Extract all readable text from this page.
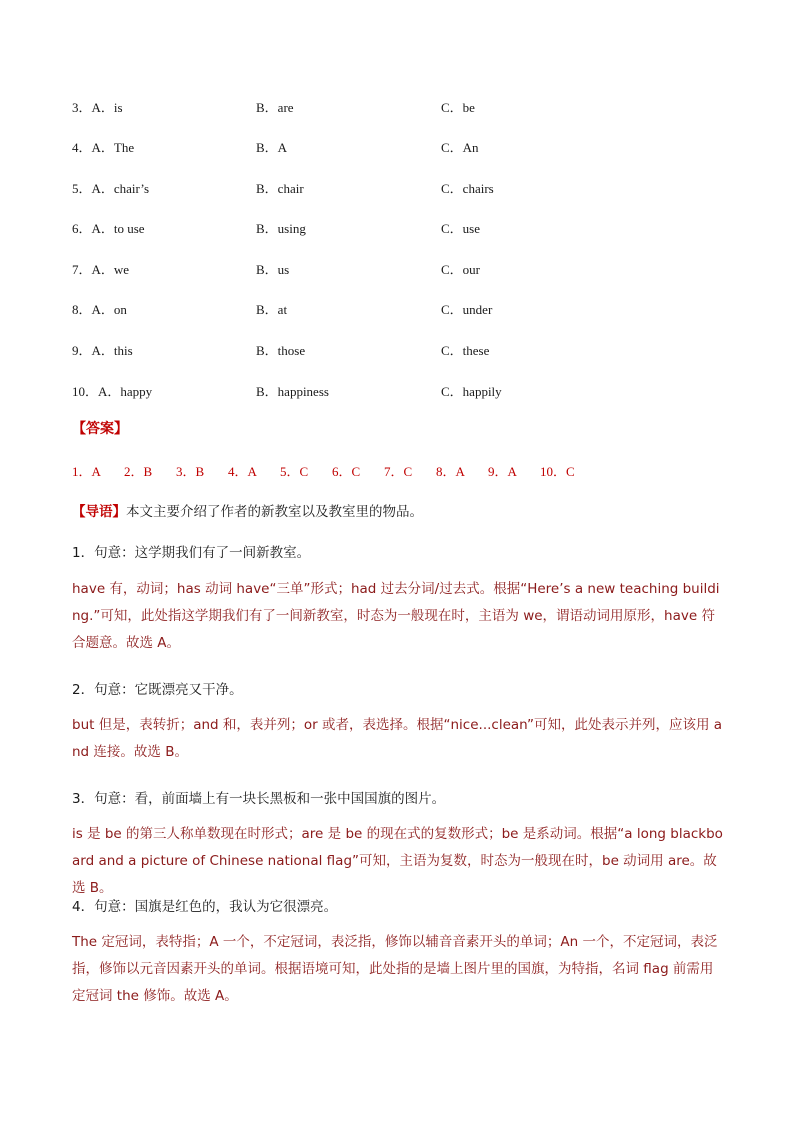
3．A．is	B．are	C．be
4．A．The	B．A	C．An
5．A．chair’s	B．chair	C．chairs
6．A．to use	B．using	C．use
7．A．we	B．us	C．our
8．A．on	B．at	C．under
9．A．this	B．those	C．these
10．A．happy	B．happiness	C．happily
【答案】
1．A 2．B 3．B 4．A 5．C 6．C 7．C 8．A 9．A 10．C
【导语】本文主要介绍了作者的新教室以及教室里的物品。
1．句意：这学期我们有了一间新教室。
have 有，动词；has 动词 have“三单”形式；had 过去分词/过去式。根据“Here’s a new teaching building.”可知，此处指这学期我们有了一间新教室，时态为一般现在时，主语为 we，谓语动词用原形，have 符合题意。故选 A。
2．句意：它既漂亮又干净。
but 但是，表转折；and 和，表并列；or 或者，表选择。根据“nice...clean”可知，此处表示并列，应该用 and 连接。故选 B。
3．句意：看，前面墙上有一块长黑板和一张中国国旗的图片。
is 是 be 的第三人称单数现在时形式；are 是 be 的现在式的复数形式；be 是系动词。根据“a long blackboard and a picture of Chinese national flag”可知，主语为复数，时态为一般现在时，be 动词用 are。故选 B。
4．句意：国旗是红色的，我认为它很漂亮。
The 定冠词，表特指；A 一个，不定冠词，表泛指，修饰以辅音音素开头的单词；An 一个，不定冠词，表泛指，修饰以元音因素开头的单词。根据语境可知，此处指的是墙上图片里的国旗，为特指，名词 flag 前需用定冠词 the 修饰。故选 A。
